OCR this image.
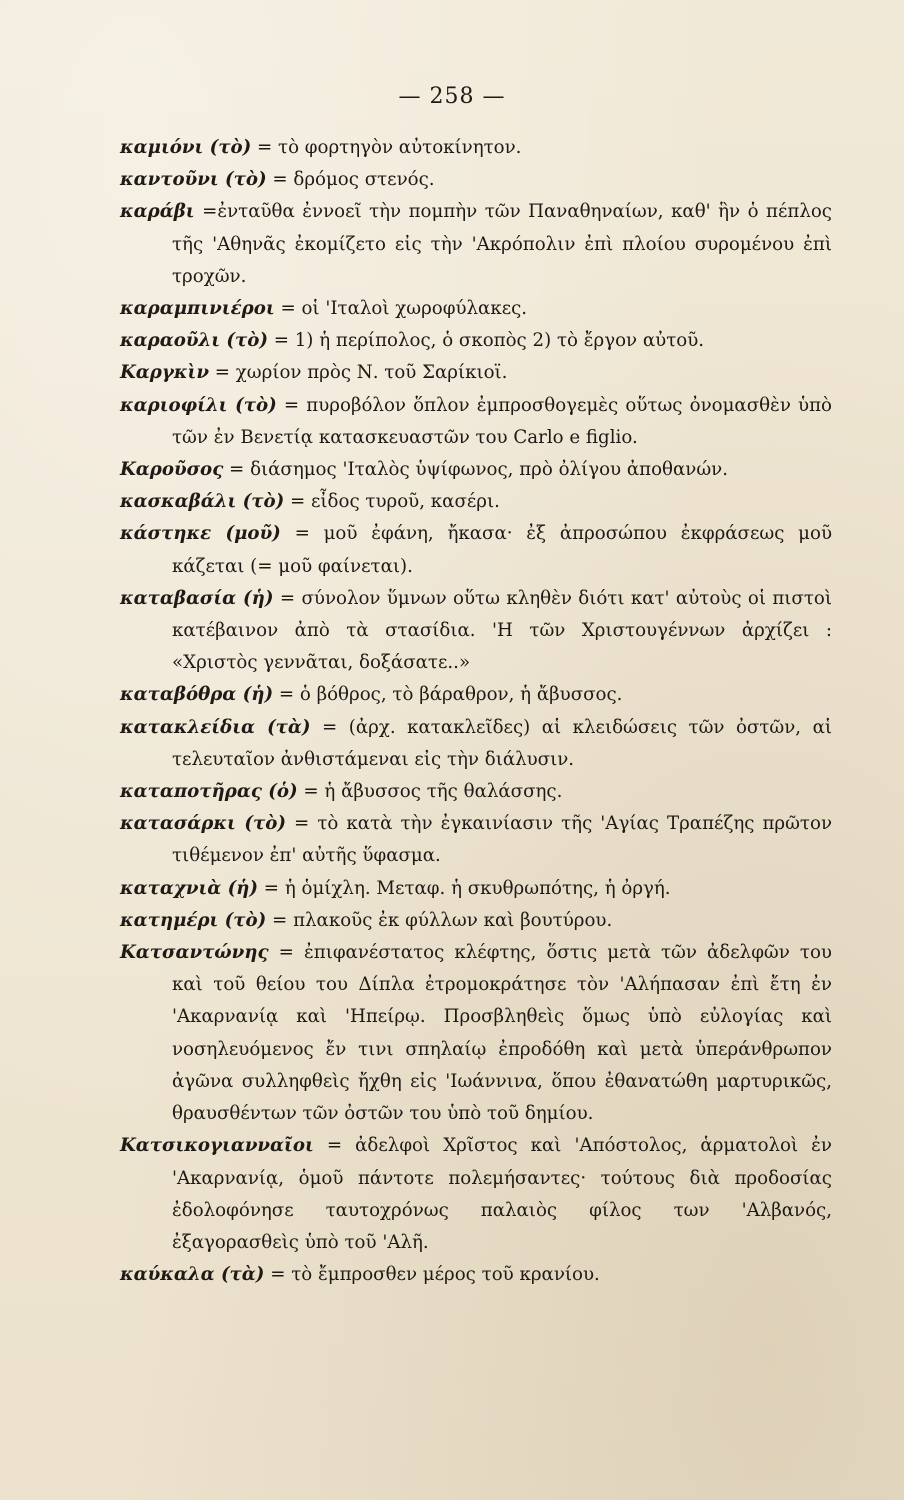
— 258 —

καμιόνι (τὸ) = τὸ φορτηγὸν αὐτοκίνητον.

καντοῦνι (τὸ) = δρόμος στενός.

καράβι =ἐνταῦθα ἐννοεῖ τὴν πομπὴν τῶν Παναθηναίων, καθ' ἣν ὁ πέπλος τῆς 'Αθηνᾶς ἐκομίζετο εἰς τὴν 'Ακρόπολιν ἐπὶ πλοίου συρομένου ἐπὶ τροχῶν.

καραμπινιέροι = οἱ 'Ιταλοὶ χωροφύλακες.

καραοῦλι (τὸ) = 1) ἡ περίπολος, ὁ σκοπὸς 2) τὸ ἔργον αὐτοῦ.

Καργκὶν = χωρίον πρὸς Ν. τοῦ Σαρίκιοϊ.

καριοφίλι (τὸ) = πυροβόλον ὅπλον ἐμπροσθογεμὲς οὕτως ὀνομασθὲν ὑπὸ τῶν ἐν Βενετίᾳ κατασκευαστῶν του Carlo e figlio.

Καροῦσος = διάσημος 'Ιταλὸς ὑψίφωνος, πρὸ ὀλίγου ἀποθανών.

κασκαβάλι (τὸ) = εἶδος τυροῦ, κασέρι.

κάστηκε (μοῦ) = μοῦ ἐφάνη, ἤκασα· ἐξ ἀπροσώπου ἐκφράσεως μοῦ κάζεται (= μοῦ φαίνεται).

καταβασία (ἡ) = σύνολον ὕμνων οὕτω κληθὲν διότι κατ' αὐτοὺς οἱ πιστοὶ κατέβαινον ἀπὸ τὰ στασίδια. 'Η τῶν Χριστουγέννων ἀρχίζει : «Χριστὸς γεννᾶται, δοξάσατε..»

καταβόθρα (ἡ) = ὁ βόθρος, τὸ βάραθρον, ἡ ἄβυσσος.

κατακλείδια (τὰ) = (ἀρχ. κατακλεῖδες) αἱ κλειδώσεις τῶν ὀστῶν, αἱ τελευταῖον ἀνθιστάμεναι εἰς τὴν διάλυσιν.

καταποτῆρας (ὁ) = ἡ ἄβυσσος τῆς θαλάσσης.

κατασάρκι (τὸ) = τὸ κατὰ τὴν ἐγκαινίασιν τῆς 'Αγίας Τραπέζης πρῶτον τιθέμενον ἐπ' αὐτῆς ὕφασμα.

καταχνιὰ (ἡ) = ἡ ὁμίχλη. Μεταφ. ἡ σκυθρωπότης, ἡ ὀργή.

κατημέρι (τὸ) = πλακοῦς ἐκ φύλλων καὶ βουτύρου.

Κατσαντώνης = ἐπιφανέστατος κλέφτης, ὅστις μετὰ τῶν ἀδελφῶν του καὶ τοῦ θείου του Δίπλα ἐτρομοκράτησε τὸν 'Αλήπασαν ἐπὶ ἔτη ἐν 'Ακαρνανίᾳ καὶ 'Ηπείρῳ. Προσβληθεὶς ὅμως ὑπὸ εὐλογίας καὶ νοσηλευόμενος ἔν τινι σπηλαίῳ ἐπροδόθη καὶ μετὰ ὑπεράνθρωπον ἀγῶνα συλληφθεὶς ἤχθη εἰς 'Ιωάννινα, ὅπου ἐθανατώθη μαρτυρικῶς, θραυσθέντων τῶν ὀστῶν του ὑπὸ τοῦ δημίου.

Κατσικογιανναῖοι = ἀδελφοὶ Χρῖστος καὶ 'Απόστολος, ἁρματολοὶ ἐν 'Ακαρνανίᾳ, ὁμοῦ πάντοτε πολεμήσαντες· τούτους διὰ προδοσίας ἐδολοφόνησε ταυτοχρόνως παλαιὸς φίλος των 'Αλβανός, ἐξαγορασθεὶς ὑπὸ τοῦ 'Αλῆ.

καύκαλα (τὰ) = τὸ ἔμπροσθεν μέρος τοῦ κρανίου.
